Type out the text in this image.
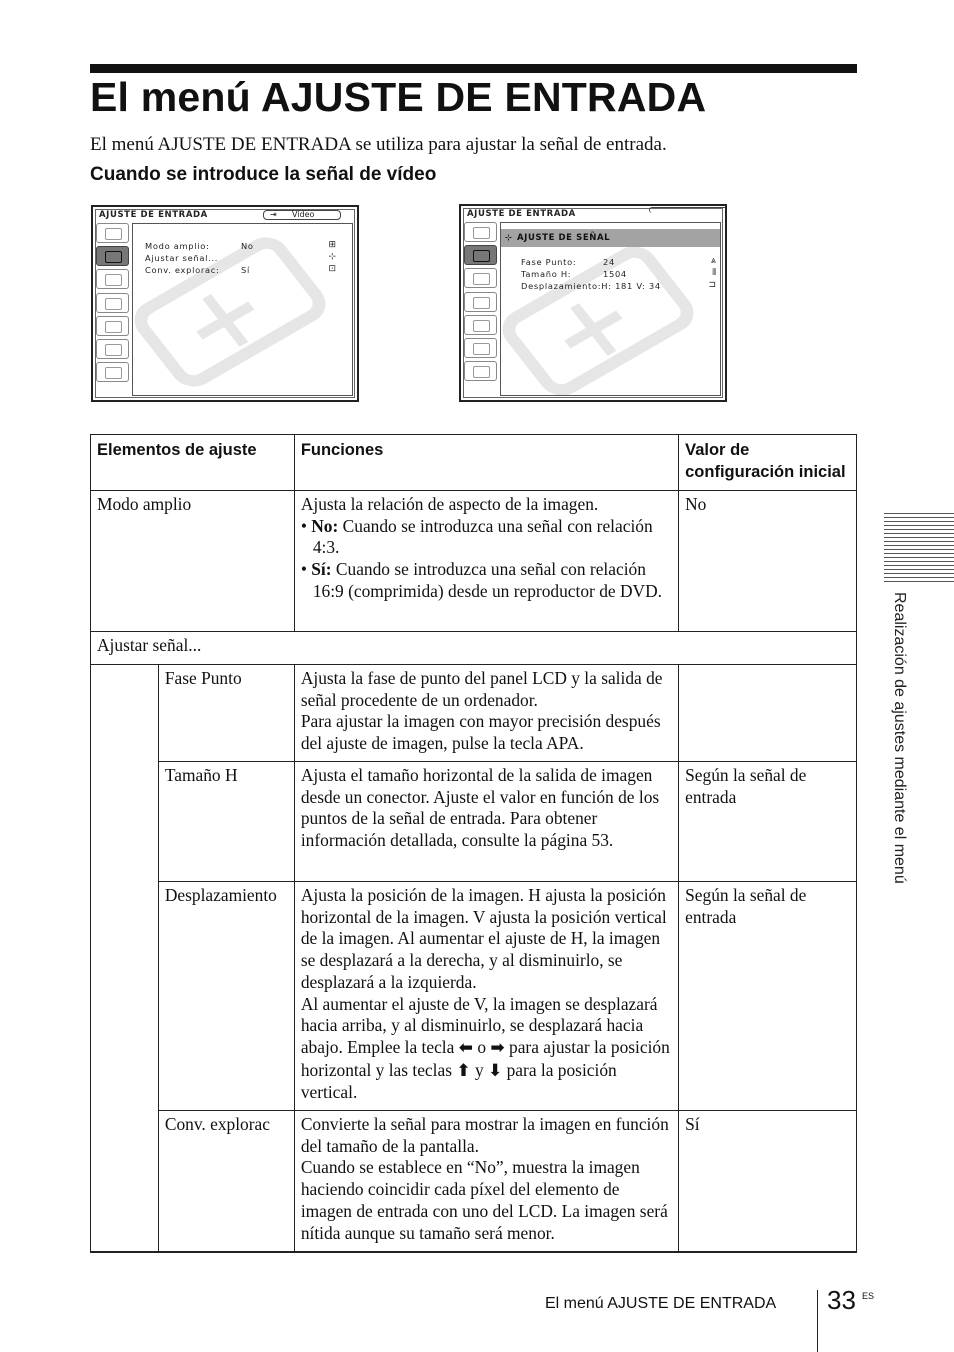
El menú AJUSTE DE ENTRADA

El menú AJUSTE DE ENTRADA se utiliza para ajustar la señal de entrada.

Cuando se introduce la señal de vídeo
AJUSTE DE ENTRADA	⇥ Video
Modo amplio:	No	⊞
Ajustar señal...	⊹
Conv. explorac:	Sí	⊡
AJUSTE DE ENTRADA
⊹ AJUSTE DE SEÑAL
Fase Punto:	24	⩓
Tamaño H:	1504	⫴
Desplazamiento:H: 181 V: 34	⊐
Elementos de ajuste		Funciones	Valor de
configuración inicial
Modo amplio		Ajusta la relación de aspecto de la imagen.
• No: Cuando se introduzca una señal con relación 4:3.
• Sí: Cuando se introduzca una señal con relación 16:9 (comprimida) desde un reproductor de DVD.	No
Ajustar señal...			
	Fase Punto	Ajusta la fase de punto del panel LCD y la salida de señal procedente de un ordenador.
Para ajustar la imagen con mayor precisión después del ajuste de imagen, pulse la tecla APA.	

	Tamaño H	Ajusta el tamaño horizontal de la salida de imagen desde un conector. Ajuste el valor en función de los puntos de la señal de entrada. Para obtener información detallada, consulte la página 53.	Según la señal de entrada
	Desplazamiento	Ajusta la posición de la imagen. H ajusta la posición horizontal de la imagen. V ajusta la posición vertical de la imagen. Al aumentar el ajuste de H, la imagen se desplazará a la derecha, y al disminuirlo, se desplazará a la izquierda.
Al aumentar el ajuste de V, la imagen se desplazará hacia arriba, y al disminuirlo, se desplazará hacia abajo. Emplee la tecla ⬅ o ➡ para ajustar la posición horizontal y las teclas ⬆ y ⬇ para la posición vertical.	Según la señal de entrada
	Conv. explorac	Convierte la señal para mostrar la imagen en función del tamaño de la pantalla.
Cuando se establece en “No”, muestra la imagen haciendo coincidir cada píxel del elemento de imagen de entrada con uno del LCD. La imagen será nítida aunque su tamaño será menor.	Sí
Realización de ajustes mediante el menú
El menú AJUSTE DE ENTRADA 33 ES
